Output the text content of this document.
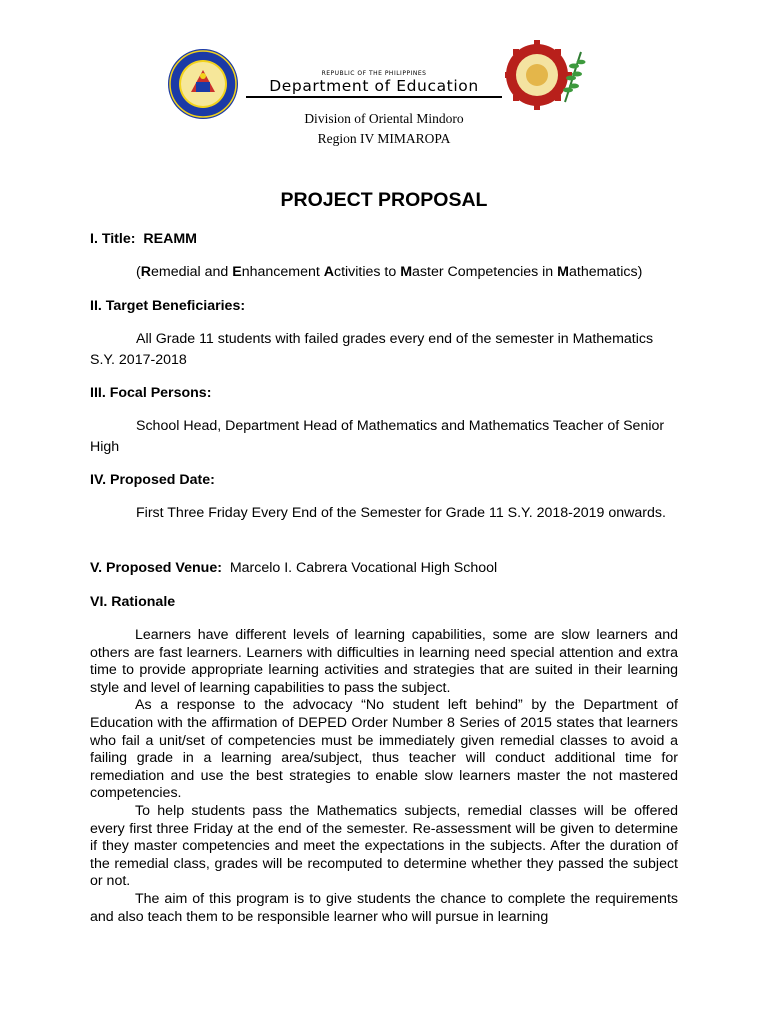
REPUBLIC OF THE PHILIPPINES
Department of Education
Division of Oriental Mindoro
Region IV MIMAROPA
PROJECT PROPOSAL
I. Title: REAMM
(Remedial and Enhancement Activities to Master Competencies in Mathematics)
II. Target Beneficiaries:
All Grade 11 students with failed grades every end of the semester in Mathematics S.Y. 2017-2018
III. Focal Persons:
School Head, Department Head of Mathematics and Mathematics Teacher of Senior High
IV. Proposed Date:
First Three Friday Every End of the Semester for Grade 11 S.Y. 2018-2019 onwards.
V. Proposed Venue: Marcelo I. Cabrera Vocational High School
VI. Rationale

Learners have different levels of learning capabilities, some are slow learners and others are fast learners. Learners with difficulties in learning need special attention and extra time to provide appropriate learning activities and strategies that are suited in their learning style and level of learning capabilities to pass the subject.

As a response to the advocacy “No student left behind” by the Department of Education with the affirmation of DEPED Order Number 8 Series of 2015 states that learners who fail a unit/set of competencies must be immediately given remedial classes to avoid a failing grade in a learning area/subject, thus teacher will conduct additional time for remediation and use the best strategies to enable slow learners master the not mastered competencies.

To help students pass the Mathematics subjects, remedial classes will be offered every first three Friday at the end of the semester. Re-assessment will be given to determine if they master competencies and meet the expectations in the subjects. After the duration of the remedial class, grades will be recomputed to determine whether they passed the subject or not.

The aim of this program is to give students the chance to complete the requirements and also teach them to be responsible learner who will pursue in learning
